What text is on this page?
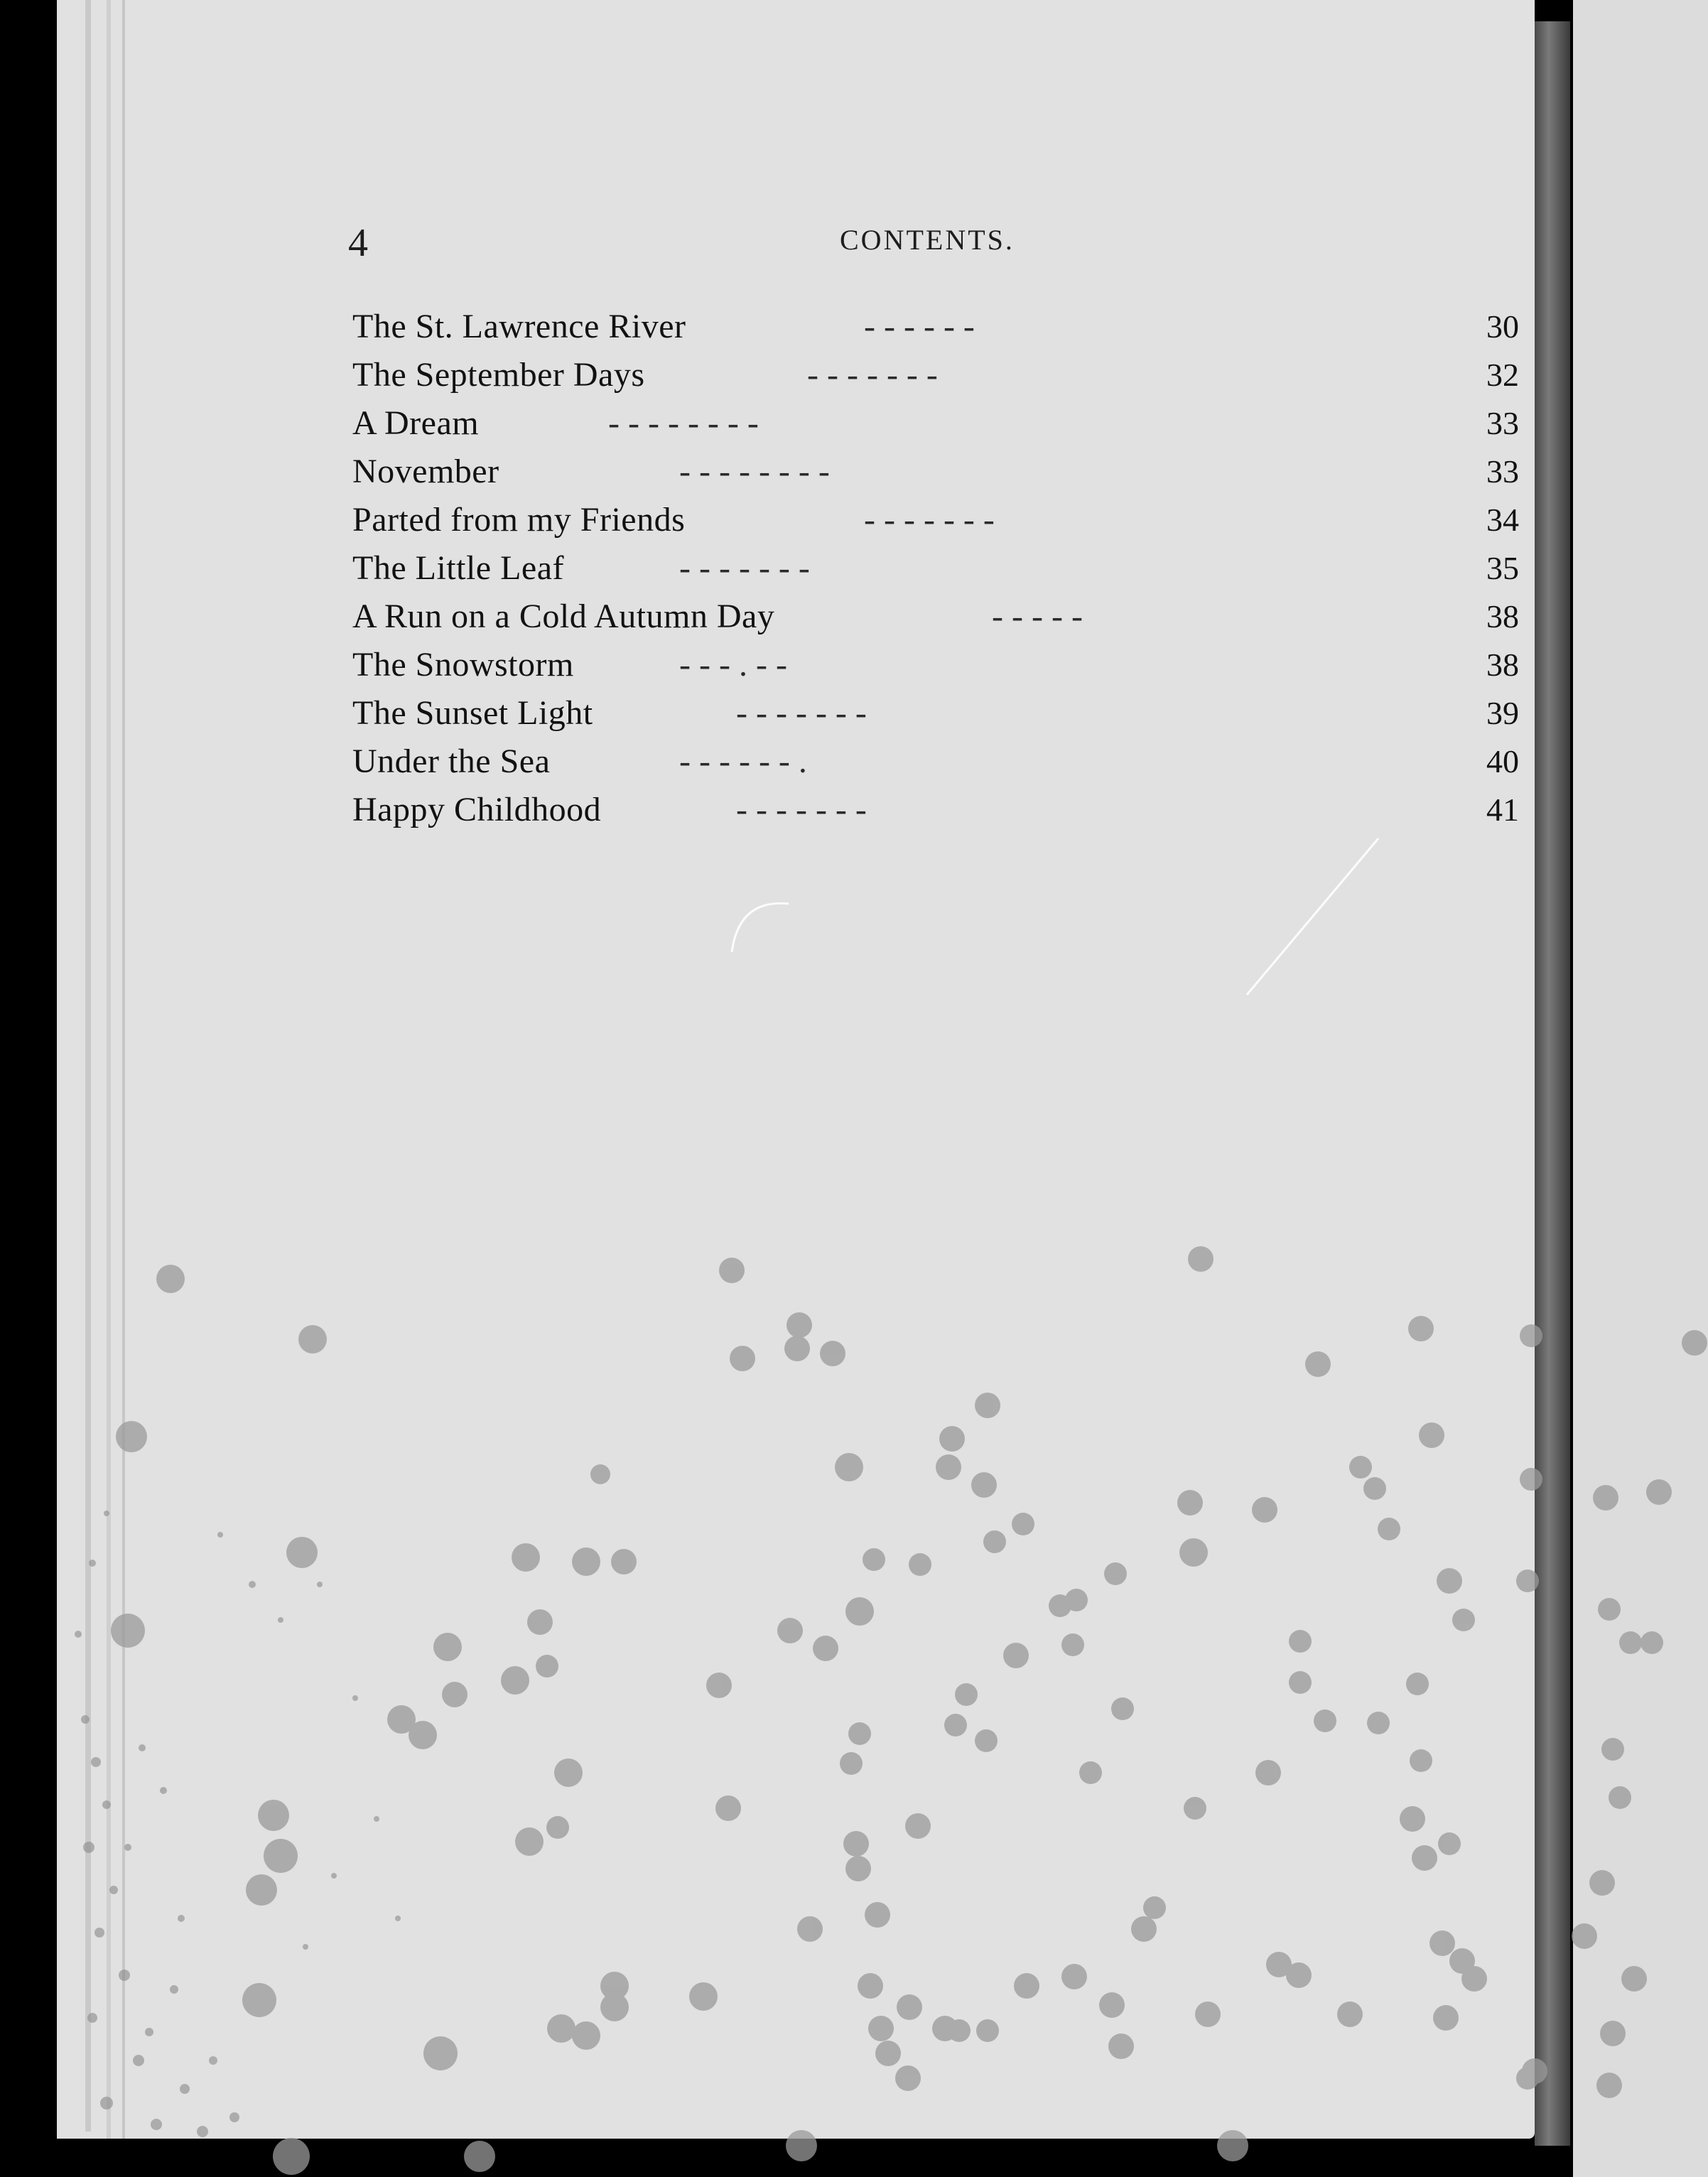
4	CONTENTS.
The St. Lawrence River	- - - - - -	30
The September Days	- - - - - - -	32
A Dream	- - - - - - - -	33
November	- - - - - - - -	33
Parted from my Friends	- - - - - - -	34
The Little Leaf	- - - - - - -	35
A Run on a Cold Autumn Day	- - - - -	38
The Snowstorm	- - - . - -	38
The Sunset Light	- - - - - - -	39
Under the Sea	- - - - - - .	40
Happy Childhood	- - - - - - -	41
